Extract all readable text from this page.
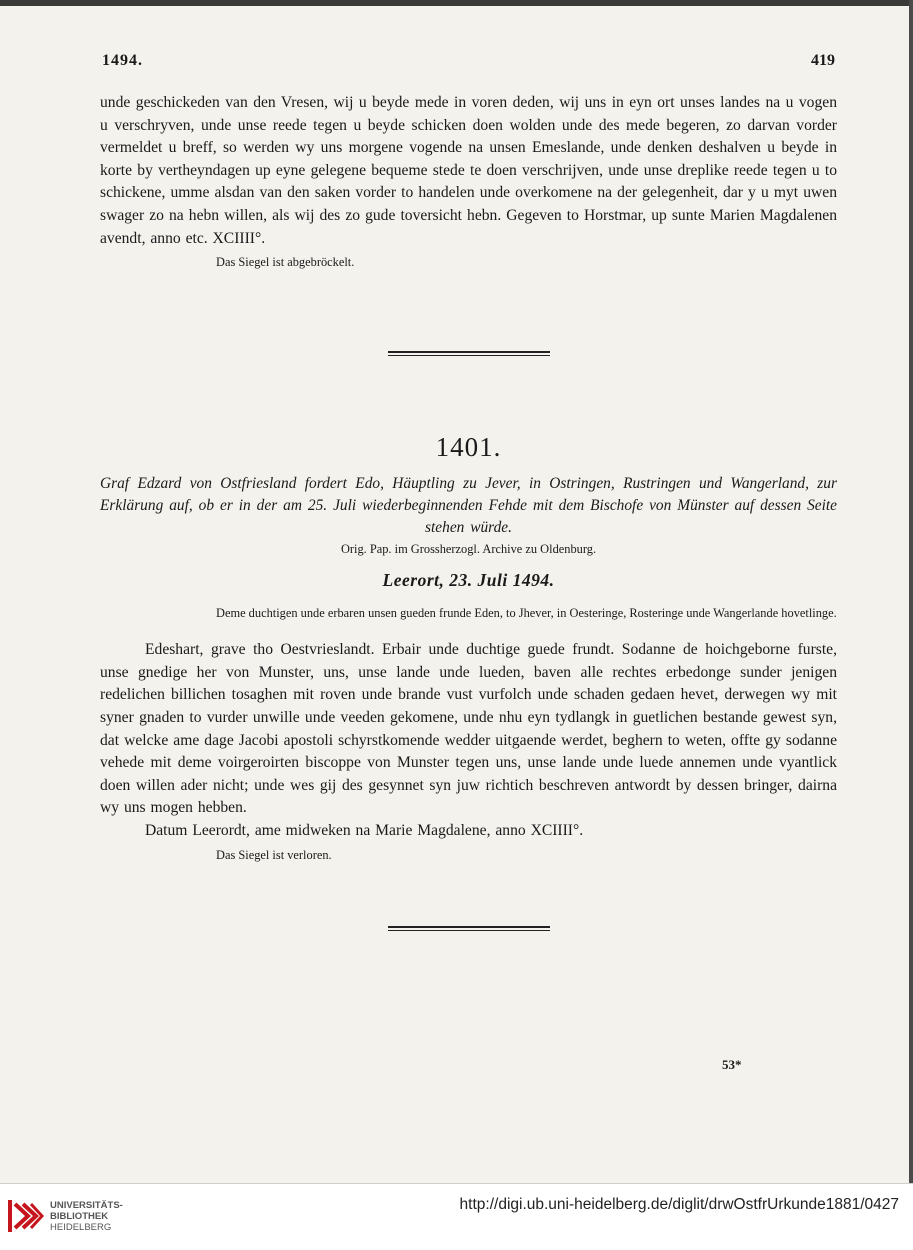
1494.	419

unde geschickeden van den Vresen, wij u beyde mede in voren deden, wij uns in eyn ort unses landes na u vogen u verschryven, unde unse reede tegen u beyde schicken doen wolden unde des mede begeren, zo darvan vorder vermeldet u breff, so werden wy uns morgene vogende na unsen Emeslande, unde denken deshalven u beyde in korte by vertheyndagen up eyne gelegene bequeme stede te doen verschrijven, unde unse dreplike reede tegen u to schickene, umme alsdan van den saken vorder to handelen unde overkomene na der gelegenheit, dar y u myt uwen swager zo na hebn willen, als wij des zo gude toversicht hebn. Gegeven to Horstmar, up sunte Marien Magdalenen avendt, anno etc. XCIIII°.

Das Siegel ist abgebröckelt.

1401.

Graf Edzard von Ostfriesland fordert Edo, Häuptling zu Jever, in Ostringen, Rustringen und Wangerland, zur Erklärung auf, ob er in der am 25. Juli wiederbeginnenden Fehde mit dem Bischofe von Münster auf dessen Seite stehen würde.

Orig. Pap. im Grossherzogl. Archive zu Oldenburg.

Leerort, 23. Juli 1494.

Deme duchtigen unde erbaren unsen gueden frunde Eden, to Jhever, in Oesteringe, Rosteringe unde Wangerlande hovetlinge.

Edeshart, grave tho Oestvrieslandt. Erbair unde duchtige guede frundt. Sodanne de hoichgeborne furste, unse gnedige her von Munster, uns, unse lande unde lueden, baven alle rechtes erbedonge sunder jenigen redelichen billichen tosaghen mit roven unde brande vust vurfolch unde schaden gedaen hevet, derwegen wy mit syner gnaden to vurder unwille unde veeden gekomene, unde nhu eyn tydlangk in guetlichen bestande gewest syn, dat welcke ame dage Jacobi apostoli schyrstkomende wedder uitgaende werdet, beghern to weten, offte gy sodanne vehede mit deme voirgeroirten biscoppe von Munster tegen uns, unse lande unde luede annemen unde vyantlick doen willen ader nicht; unde wes gij des gesynnet syn juw richtich beschreven antwordt by dessen bringer, dairna wy uns mogen hebben.

Datum Leerordt, ame midweken na Marie Magdalene, anno XCIIII°.

Das Siegel ist verloren.

53*
UNIVERSITÄTS-
BIBLIOTHEK
HEIDELBERG
http://digi.ub.uni-heidelberg.de/diglit/drwOstfrUrkunde1881/0427
